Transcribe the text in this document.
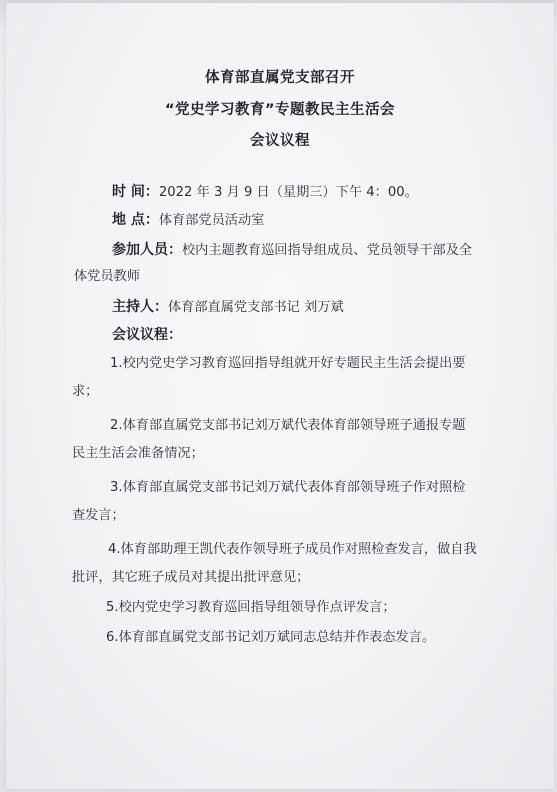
体育部直属党支部召开
“党史学习教育”专题教民主生活会
会议议程
时 间：2022 年 3 月 9 日（星期三）下午 4：00。
地 点：体育部党员活动室
参加人员：校内主题教育巡回指导组成员、党员领导干部及全
体党员教师
主持人：体育部直属党支部书记 刘万斌
会议议程：
1.校内党史学习教育巡回指导组就开好专题民主生活会提出要
求；
2.体育部直属党支部书记刘万斌代表体育部领导班子通报专题
民主生活会准备情况；
3.体育部直属党支部书记刘万斌代表体育部领导班子作对照检
查发言；
4.体育部助理王凯代表作领导班子成员作对照检查发言，做自我
批评，其它班子成员对其提出批评意见；
5.校内党史学习教育巡回指导组领导作点评发言；
6.体育部直属党支部书记刘万斌同志总结并作表态发言。
